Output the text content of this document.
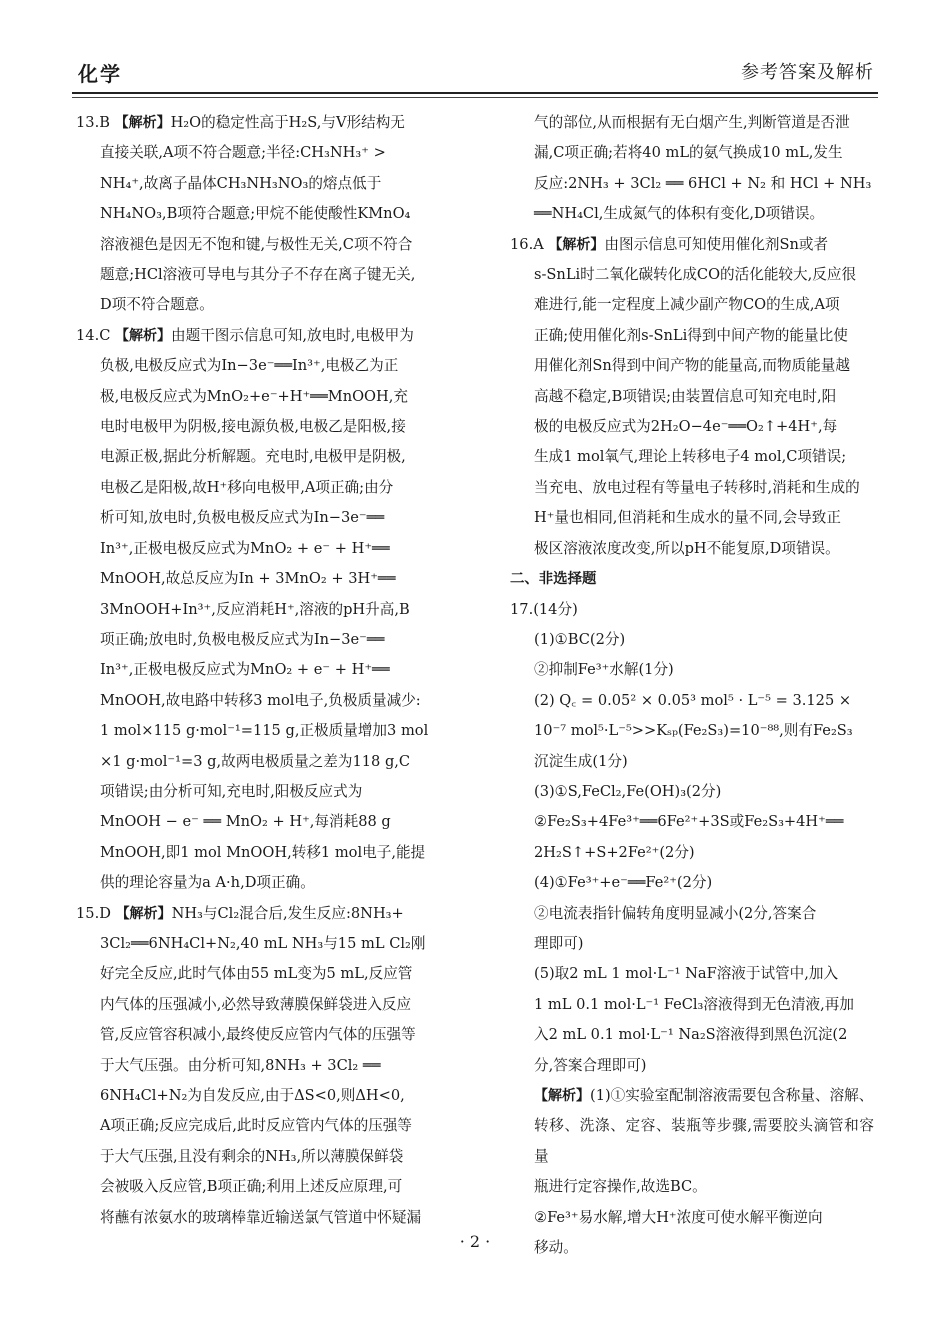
化学	参考答案及解析
13.B 【解析】H₂O的稳定性高于H₂S,与V形结构无
直接关联,A项不符合题意;半径:CH₃NH₃⁺ >
NH₄⁺,故离子晶体CH₃NH₃NO₃的熔点低于
NH₄NO₃,B项符合题意;甲烷不能使酸性KMnO₄
溶液褪色是因无不饱和键,与极性无关,C项不符合
题意;HCl溶液可导电与其分子不存在离子键无关,
D项不符合题意。
14.C 【解析】由题干图示信息可知,放电时,电极甲为
负极,电极反应式为In−3e⁻══In³⁺,电极乙为正
极,电极反应式为MnO₂+e⁻+H⁺══MnOOH,充
电时电极甲为阴极,接电源负极,电极乙是阳极,接
电源正极,据此分析解题。充电时,电极甲是阴极,
电极乙是阳极,故H⁺移向电极甲,A项正确;由分
析可知,放电时,负极电极反应式为In−3e⁻══
In³⁺,正极电极反应式为MnO₂ + e⁻ + H⁺══
MnOOH,故总反应为In + 3MnO₂ + 3H⁺══
3MnOOH+In³⁺,反应消耗H⁺,溶液的pH升高,B
项正确;放电时,负极电极反应式为In−3e⁻══
In³⁺,正极电极反应式为MnO₂ + e⁻ + H⁺══
MnOOH,故电路中转移3 mol电子,负极质量减少:
1 mol×115 g·mol⁻¹=115 g,正极质量增加3 mol
×1 g·mol⁻¹=3 g,故两电极质量之差为118 g,C
项错误;由分析可知,充电时,阳极反应式为
MnOOH − e⁻ ══ MnO₂ + H⁺,每消耗88 g
MnOOH,即1 mol MnOOH,转移1 mol电子,能提
供的理论容量为a A·h,D项正确。
15.D 【解析】NH₃与Cl₂混合后,发生反应:8NH₃+
3Cl₂══6NH₄Cl+N₂,40 mL NH₃与15 mL Cl₂刚
好完全反应,此时气体由55 mL变为5 mL,反应管
内气体的压强减小,必然导致薄膜保鲜袋进入反应
管,反应管容积减小,最终使反应管内气体的压强等
于大气压强。由分析可知,8NH₃ + 3Cl₂ ══
6NH₄Cl+N₂为自发反应,由于ΔS<0,则ΔH<0,
A项正确;反应完成后,此时反应管内气体的压强等
于大气压强,且没有剩余的NH₃,所以薄膜保鲜袋
会被吸入反应管,B项正确;利用上述反应原理,可
将蘸有浓氨水的玻璃棒靠近输送氯气管道中怀疑漏
气的部位,从而根据有无白烟产生,判断管道是否泄
漏,C项正确;若将40 mL的氨气换成10 mL,发生
反应:2NH₃ + 3Cl₂ ══ 6HCl + N₂ 和 HCl + NH₃
══NH₄Cl,生成氮气的体积有变化,D项错误。
16.A 【解析】由图示信息可知使用催化剂Sn或者
s-SnLi时二氧化碳转化成CO的活化能较大,反应很
难进行,能一定程度上减少副产物CO的生成,A项
正确;使用催化剂s-SnLi得到中间产物的能量比使
用催化剂Sn得到中间产物的能量高,而物质能量越
高越不稳定,B项错误;由装置信息可知充电时,阳
极的电极反应式为2H₂O−4e⁻══O₂↑+4H⁺,每
生成1 mol氧气,理论上转移电子4 mol,C项错误;
当充电、放电过程有等量电子转移时,消耗和生成的
H⁺量也相同,但消耗和生成水的量不同,会导致正
极区溶液浓度改变,所以pH不能复原,D项错误。
二、非选择题
17.(14分)
(1)①BC(2分)
②抑制Fe³⁺水解(1分)
(2) Q꜀ = 0.05² × 0.05³ mol⁵ · L⁻⁵ = 3.125 ×
10⁻⁷ mol⁵·L⁻⁵>>Kₛₚ(Fe₂S₃)=10⁻⁸⁸,则有Fe₂S₃
沉淀生成(1分)
(3)①S,FeCl₂,Fe(OH)₃(2分)
②Fe₂S₃+4Fe³⁺══6Fe²⁺+3S或Fe₂S₃+4H⁺══
2H₂S↑+S+2Fe²⁺(2分)
(4)①Fe³⁺+e⁻══Fe²⁺(2分)
②电流表指针偏转角度明显减小(2分,答案合
理即可)
(5)取2 mL 1 mol·L⁻¹ NaF溶液于试管中,加入
1 mL 0.1 mol·L⁻¹ FeCl₃溶液得到无色清液,再加
入2 mL 0.1 mol·L⁻¹ Na₂S溶液得到黑色沉淀(2
分,答案合理即可)
【解析】(1)①实验室配制溶液需要包含称量、溶解、
转移、洗涤、定容、装瓶等步骤,需要胶头滴管和容量
瓶进行定容操作,故选BC。
②Fe³⁺易水解,增大H⁺浓度可使水解平衡逆向
移动。
· 2 ·
